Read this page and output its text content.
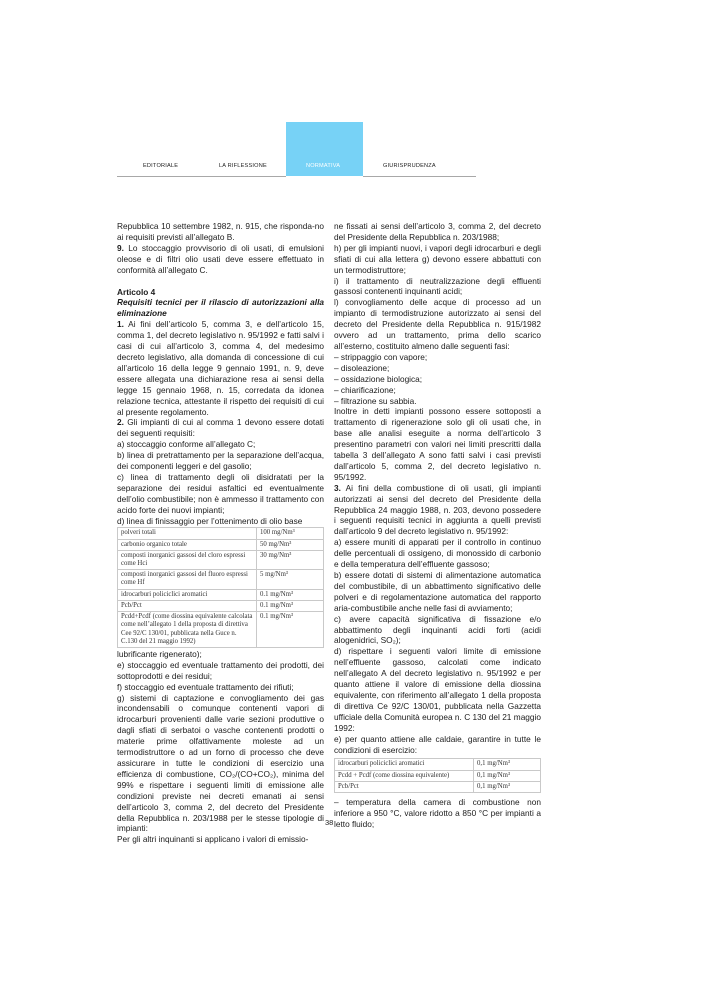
EDITORIALE	LA RIFLESSIONE	NORMATIVA	GIURISPRUDENZA

Repubblica 10 settembre 1982, n. 915, che risponda-no ai requisiti previsti all’allegato B.

9. Lo stoccaggio provvisorio di oli usati, di emulsioni oleose e di filtri olio usati deve essere effettuato in conformità all’allegato C.

Articolo 4

Requisiti tecnici per il rilascio di autorizzazioni alla eliminazione

1. Ai fini dell’articolo 5, comma 3, e dell’articolo 15, comma 1, del decreto legislativo n. 95/1992 e fatti salvi i casi di cui all’articolo 3, comma 4, del medesimo decreto legislativo, alla domanda di concessione di cui all’articolo 16 della legge 9 gennaio 1991, n. 9, deve essere allegata una dichiarazione resa ai sensi della legge 15 gennaio 1968, n. 15, corredata da idonea relazione tecnica, attestante il rispetto dei requisiti di cui al presente regolamento.

2. Gli impianti di cui al comma 1 devono essere dotati dei seguenti requisiti:

a) stoccaggio conforme all’allegato C;

b) linea di pretrattamento per la separazione dell’acqua, dei componenti leggeri e del gasolio;

c) linea di trattamento degli oli disidratati per la separazione dei residui asfaltici ed eventualmente dell’olio combustibile; non è ammesso il trattamento con acido forte dei nuovi impianti;

d) linea di finissaggio per l’ottenimento di olio base

polveri totali	100 mg/Nm³
carbonio organico totale	50 mg/Nm³
composti inorganici gassosi del cloro espressi come Hci	30 mg/Nm³
composti inorganici gassosi del fluoro espressi come Hf	5 mg/Nm³
idrocarburi policiclici aromatici	0.1 mg/Nm³
Pcb/Pct	0.1 mg/Nm³
Pcdd+Pcdf (come diossina equivalente calcolata come nell’allegato 1 della proposta di direttiva Cee 92/C 130/01, pubblicata nella Gucе n. C.130 del 21 maggio 1992)	0.1 mg/Nm³

lubrificante rigenerato);

e) stoccaggio ed eventuale trattamento dei prodotti, dei sottoprodotti e dei residui;

f) stoccaggio ed eventuale trattamento dei rifiuti;

g) sistemi di captazione e convogliamento dei gas incondensabili o comunque contenenti vapori di idrocarburi provenienti dalle varie sezioni produttive o dagli sfiati di serbatoi o vasche contenenti prodotti o materie prime olfattivamente moleste ad un termodistruttore o ad un forno di processo che deve assicurare in tutte le condizioni di esercizio una efficienza di combustione, CO₂/(CO+CO₂), minima del 99% e rispettare i seguenti limiti di emissione alle condizioni previste nei decreti emanati ai sensi dell’articolo 3, comma 2, del decreto del Presidente della Repubblica n. 203/1988 per le stesse tipologie di impianti:

Per gli altri inquinanti si applicano i valori di emissio-

ne fissati ai sensi dell’articolo 3, comma 2, del decreto del Presidente della Repubblica n. 203/1988;

h) per gli impianti nuovi, i vapori degli idrocarburi e degli sfiati di cui alla lettera g) devono essere abbattuti con un termodistruttore;

i) il trattamento di neutralizzazione degli effluenti gassosi contenenti inquinanti acidi;

l) convogliamento delle acque di processo ad un impianto di termodistruzione autorizzato ai sensi del decreto del Presidente della Repubblica n. 915/1982 ovvero ad un trattamento, prima dello scarico all’esterno, costituito almeno dalle seguenti fasi:

– strippaggio con vapore;

– disoleazione;

– ossidazione biologica;

– chiarificazione;

– filtrazione su sabbia.

Inoltre in detti impianti possono essere sottoposti a trattamento di rigenerazione solo gli oli usati che, in base alle analisi eseguite a norma dell’articolo 3 presentino parametri con valori nei limiti prescritti dalla tabella 3 dell’allegato A sono fatti salvi i casi previsti dall’articolo 5, comma 2, del decreto legislativo n. 95/1992.

3. Ai fini della combustione di oli usati, gli impianti autorizzati ai sensi del decreto del Presidente della Repubblica 24 maggio 1988, n. 203, devono possedere i seguenti requisiti tecnici in aggiunta a quelli previsti dall’articolo 9 del decreto legislativo n. 95/1992:

a) essere muniti di apparati per il controllo in continuo delle percentuali di ossigeno, di monossido di carbonio e della temperatura dell’effluente gassoso;

b) essere dotati di sistemi di alimentazione automatica del combustibile, di un abbattimento significativo delle polveri e di regolamentazione automatica del rapporto aria-combustibile anche nelle fasi di avviamento;

c) avere capacità significativa di fissazione e/o abbattimento degli inquinanti acidi forti (acidi alogenidrici, SO₂);

d) rispettare i seguenti valori limite di emissione nell’effluente gassoso, calcolati come indicato nell’allegato A del decreto legislativo n. 95/1992 e per quanto attiene il valore di emissione della diossina equivalente, con riferimento all’allegato 1 della proposta di direttiva Ce 92/C 130/01, pubblicata nella Gazzetta ufficiale della Comunità europea n. C 130 del 21 maggio 1992:

e) per quanto attiene alle caldaie, garantire in tutte le condizioni di esercizio:

idrocarburi policiclici aromatici	0,1 mg/Nm³
Pcdd + Pcdf (come diossina equivalente)	0,1 mg/Nm³
Pcb/Pct	0,1 mg/Nm³

– temperatura della camera di combustione non inferiore a 950 °C, valore ridotto a 850 °C per impianti a letto fluido;

38
